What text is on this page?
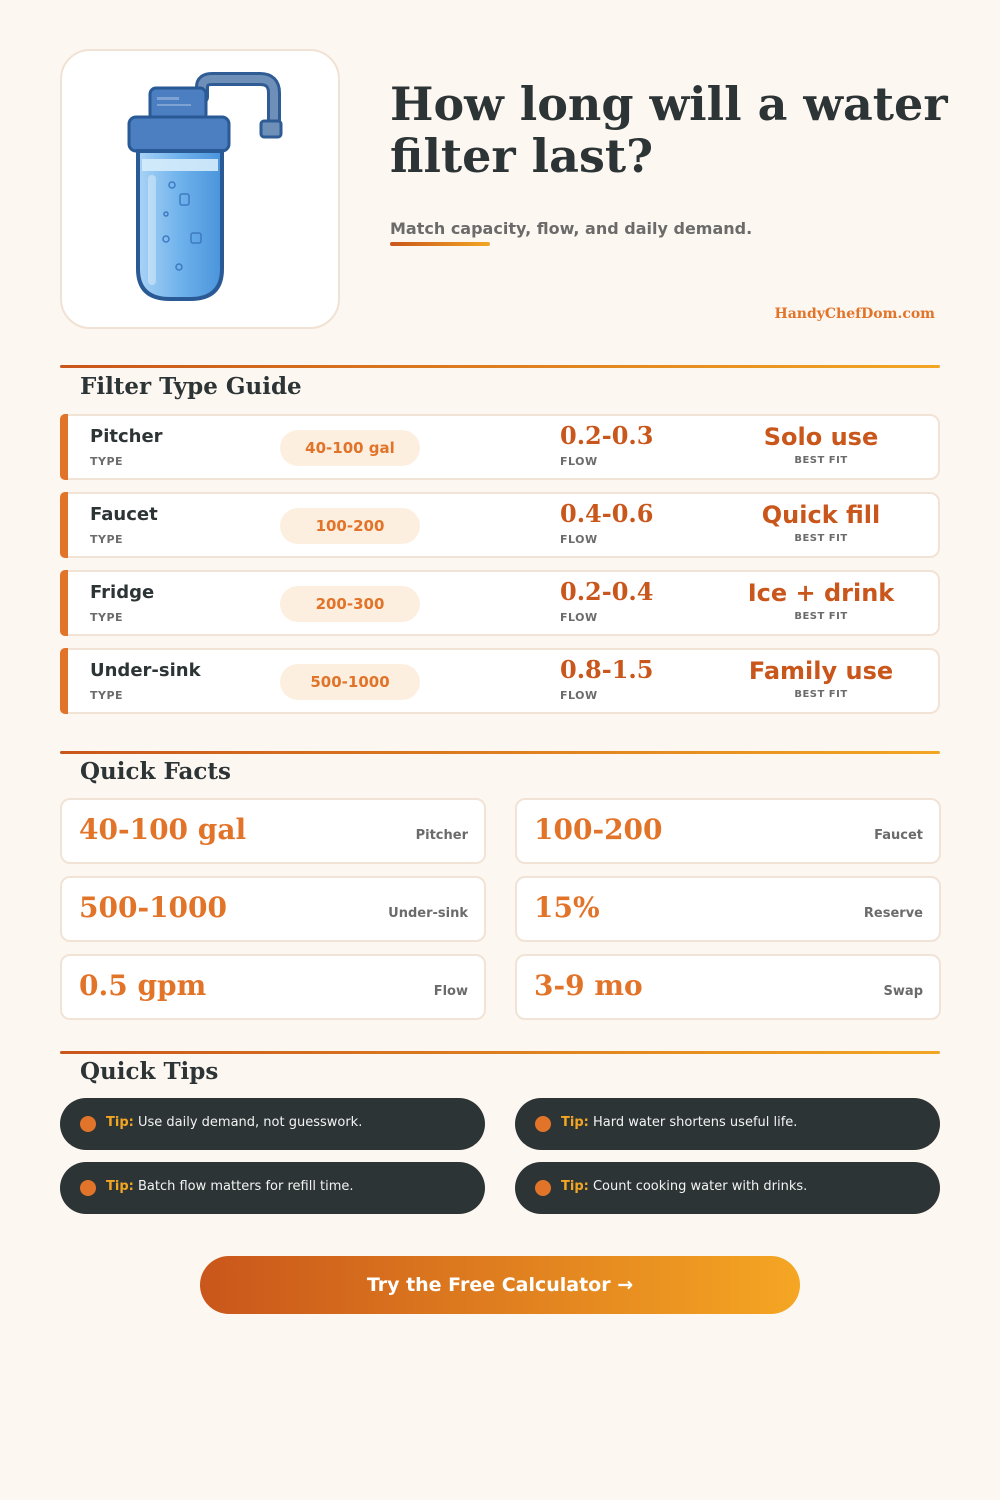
How long will a water filter last?
Match capacity, flow, and daily demand.
HandyChefDom.com
Filter Type Guide
Pitcher
TYPE
40-100 gal	0.2-0.3
FLOW
Solo use
BEST FIT
Faucet
TYPE
100-200	0.4-0.6
FLOW
Quick fill
BEST FIT
Fridge
TYPE
200-300	0.2-0.4
FLOW
Ice + drink
BEST FIT
Under-sink
TYPE
500-1000	0.8-1.5
FLOW
Family use
BEST FIT
Quick Facts
40-100 gal	Pitcher 100-200	Faucet
500-1000	Under-sink 15%	Reserve
0.5 gpm	Flow 3-9 mo	Swap
Quick Tips
Tip: Use daily demand, not guesswork.	Tip: Hard water shortens useful life.
Tip: Batch flow matters for refill time.	Tip: Count cooking water with drinks.
Try the Free Calculator →
